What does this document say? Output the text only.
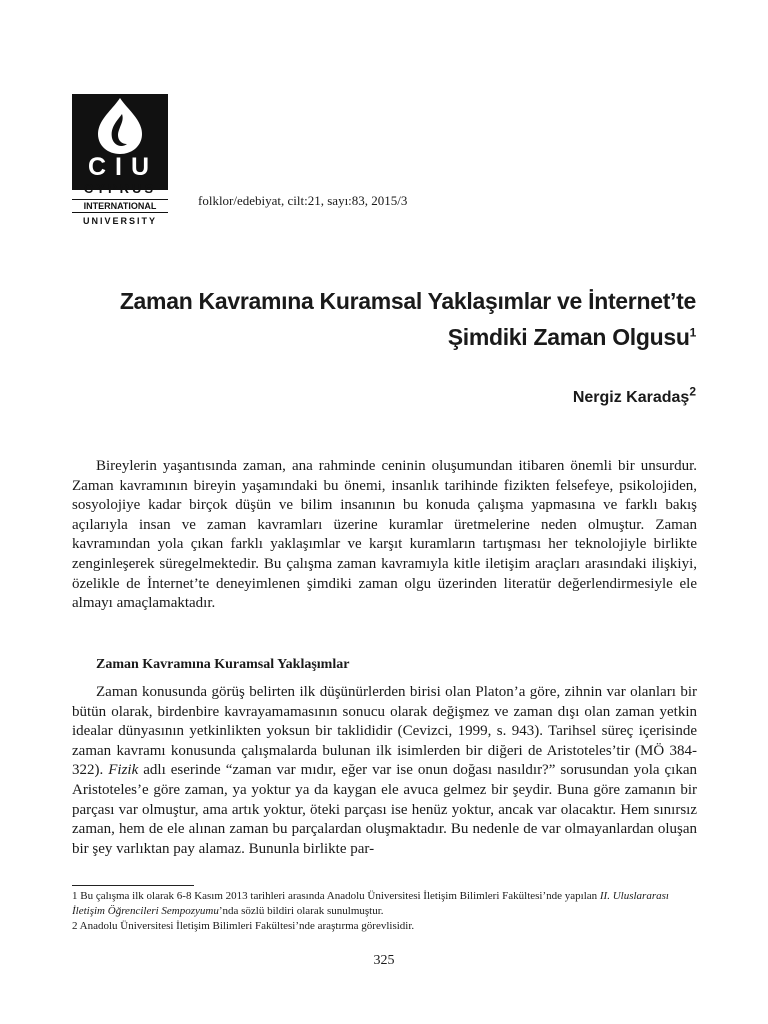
CIU
CYPRUS
INTERNATIONAL
UNIVERSITY
folklor/edebiyat, cilt:21, sayı:83, 2015/3
Zaman Kavramına Kuramsal Yaklaşımlar ve İnternet’te
Şimdiki Zaman Olgusu$^1$
Nergiz Karadaş$^2$
Bireylerin yaşantısında zaman, ana rahminde ceninin oluşumundan itibaren önemli bir unsurdur. Zaman kavramının bireyin yaşamındaki bu önemi, insanlık tarihinde fizikten felsefeye, psikolojiden, sosyolojiye kadar birçok düşün ve bilim insanının bu konuda çalışma yapmasına ve farklı bakış açılarıyla insan ve zaman kavramları üzerine kuramlar üretmelerine neden olmuştur. Zaman kavramından yola çıkan farklı yaklaşımlar ve karşıt kuramların tartışması her teknolojiyle birlikte zenginleşerek süregelmektedir. Bu çalışma zaman kavramıyla kitle iletişim araçları arasındaki ilişkiyi, özelikle de İnternet’te deneyimlenen şimdiki zaman olgu üzerinden literatür değerlendirmesiyle ele almayı amaçlamaktadır.
Zaman Kavramına Kuramsal Yaklaşımlar
Zaman konusunda görüş belirten ilk düşünürlerden birisi olan Platon’a göre, zihnin var olanları bir bütün olarak, birdenbire kavrayamamasının sonucu olarak değişmez ve zaman dışı olan zaman yetkin idealar dünyasının yetkinlikten yoksun bir taklididir (Cevizci, 1999, s. 943). Tarihsel süreç içerisinde zaman kavramı konusunda çalışmalarda bulunan ilk isimlerden bir diğeri de Aristoteles’tir (MÖ 384-322). Fizik adlı eserinde “zaman var mıdır, eğer var ise onun doğası nasıldır?” sorusundan yola çıkan Aristoteles’e göre zaman, ya yoktur ya da kaygan ele avuca gelmez bir şeydir. Buna göre zamanın bir parçası var olmuştur, ama artık yoktur, öteki parçası ise henüz yoktur, ancak var olacaktır. Hem sınırsız zaman, hem de ele alınan zaman bu parçalardan oluşmaktadır. Bu nedenle de var olmayanlardan oluşan bir şey varlıktan pay alamaz. Bununla birlikte par-
1 Bu çalışma ilk olarak 6-8 Kasım 2013 tarihleri arasında Anadolu Üniversitesi İletişim Bilimleri Fakültesi’nde yapılan II. Uluslararası İletişim Öğrencileri Sempozyumu’nda sözlü bildiri olarak sunulmuştur.
2 Anadolu Üniversitesi İletişim Bilimleri Fakültesi’nde araştırma görevlisidir.
325
